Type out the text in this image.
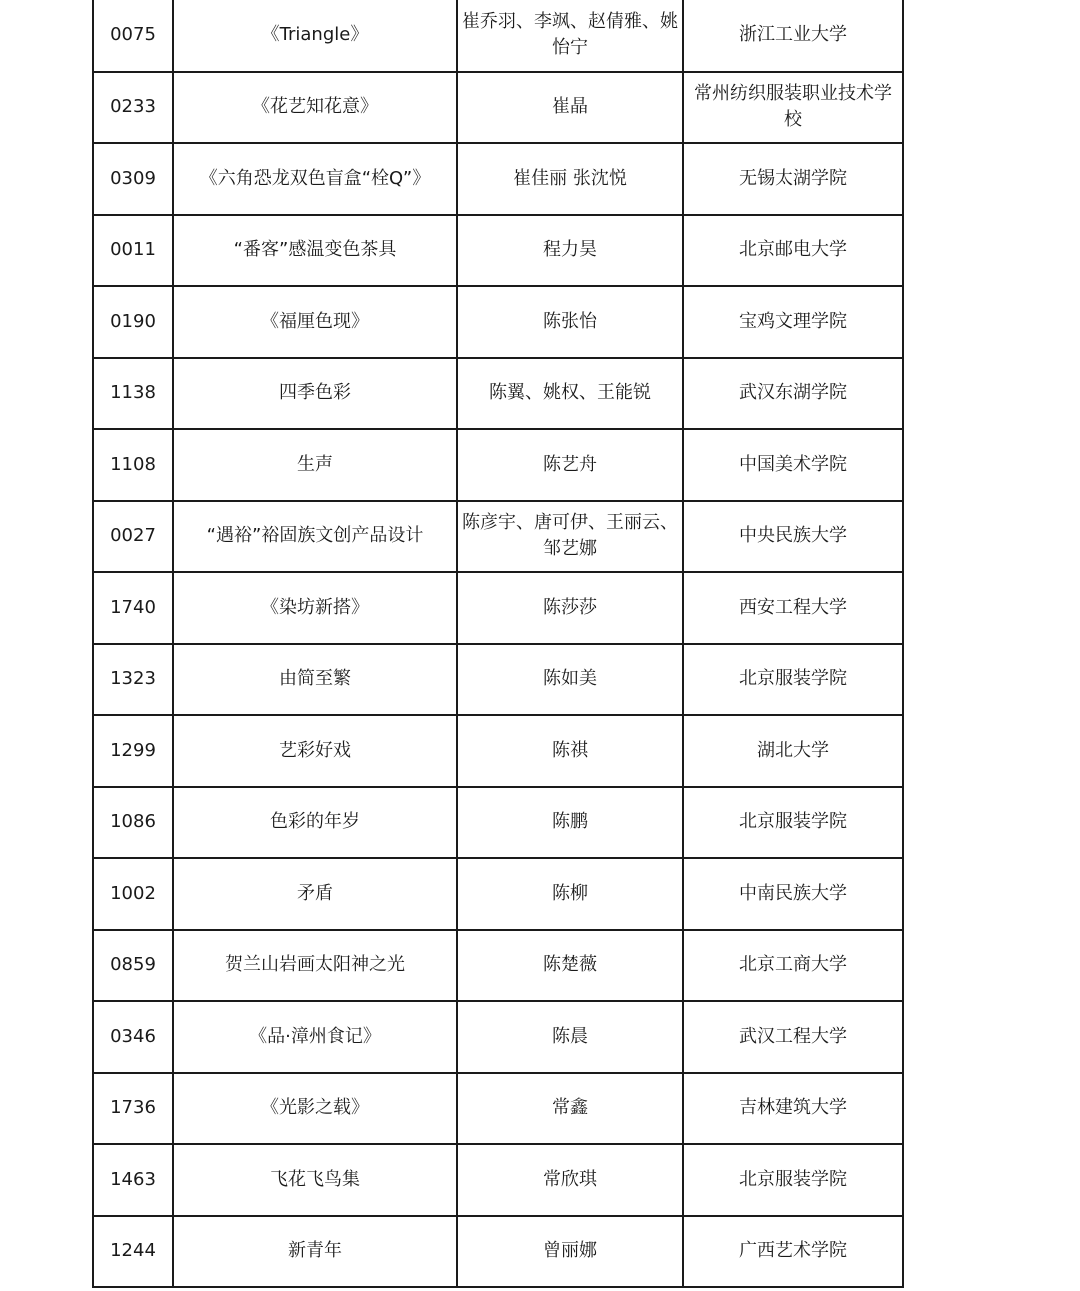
0075	《Triangle》	崔乔羽、李飒、赵倩雅、姚怡宁	浙江工业大学
0233	《花艺知花意》	崔晶	常州纺织服装职业技术学校
0309	《六角恐龙双色盲盒“栓Q”》	崔佳丽 张沈悦	无锡太湖学院
0011	“番客”感温变色茶具	程力昊	北京邮电大学
0190	《福厘色现》	陈张怡	宝鸡文理学院
1138	四季色彩	陈翼、姚权、王能锐	武汉东湖学院
1108	生声	陈艺舟	中国美术学院
0027	“遇裕”裕固族文创产品设计	陈彦宇、唐可伊、王丽云、邹艺娜	中央民族大学
1740	《染坊新搭》	陈莎莎	西安工程大学
1323	由简至繁	陈如美	北京服装学院
1299	艺彩好戏	陈祺	湖北大学
1086	色彩的年岁	陈鹏	北京服装学院
1002	矛盾	陈柳	中南民族大学
0859	贺兰山岩画太阳神之光	陈楚薇	北京工商大学
0346	《品·漳州食记》	陈晨	武汉工程大学
1736	《光影之载》	常鑫	吉林建筑大学
1463	飞花飞鸟集	常欣琪	北京服装学院
1244	新青年	曾丽娜	广西艺术学院
